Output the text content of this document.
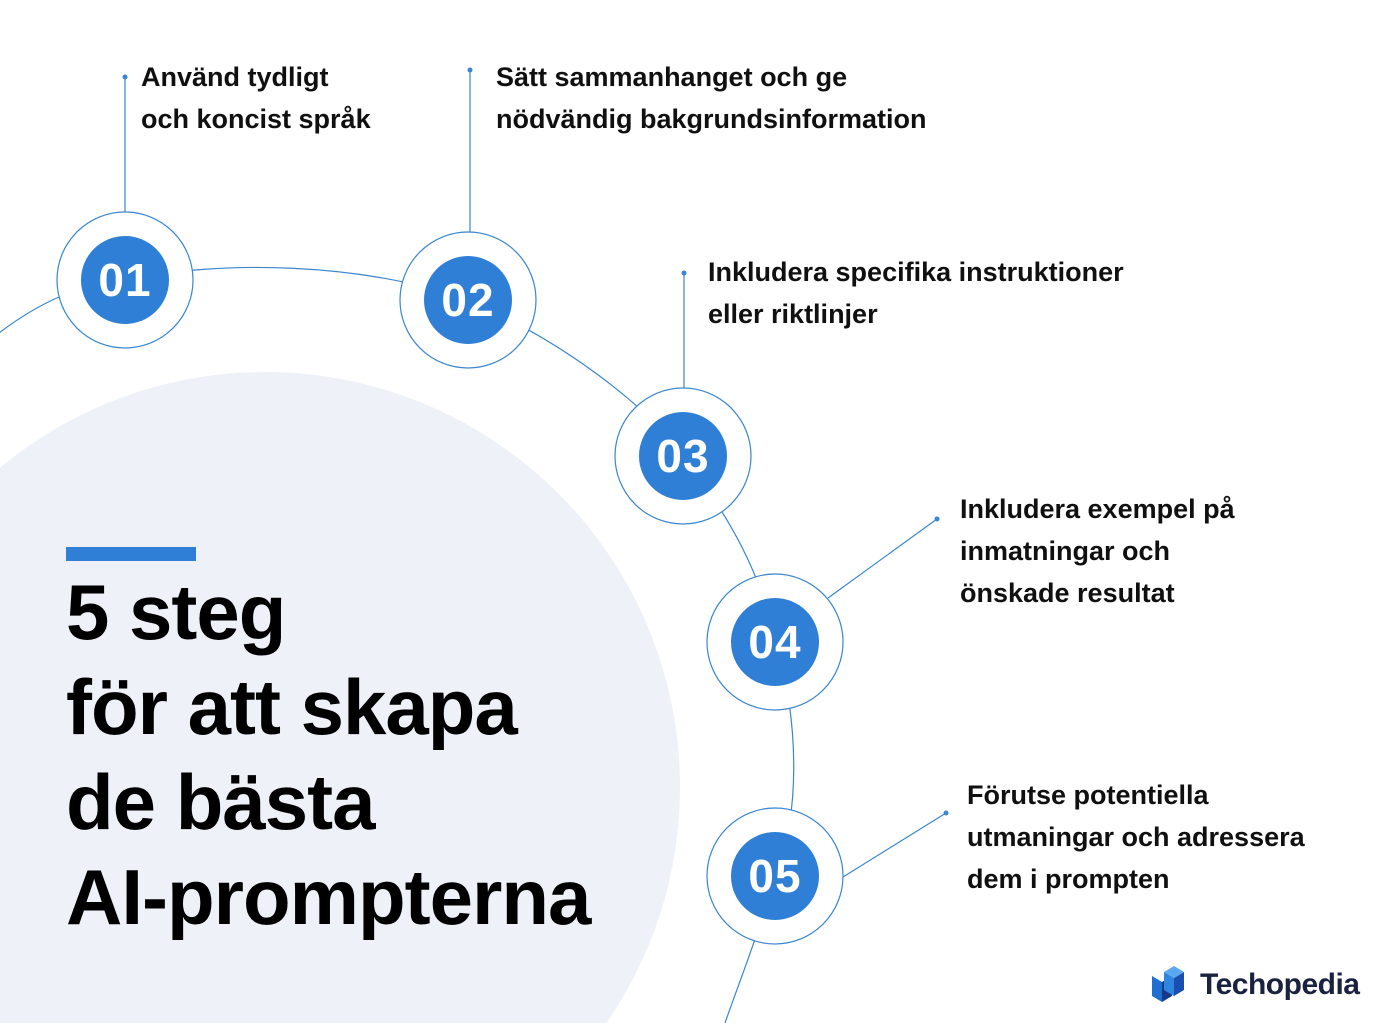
01	02
03
04
05
Använd tydligt
och koncist språk
Sätt sammanhanget och ge
nödvändig bakgrundsinformation
Inkludera specifika instruktioner
eller riktlinjer
Inkludera exempel på
inmatningar och
önskade resultat
Förutse potentiella
utmaningar och adressera
dem i prompten
5 steg
för att skapa
de bästa
AI-prompterna
Techopedia
